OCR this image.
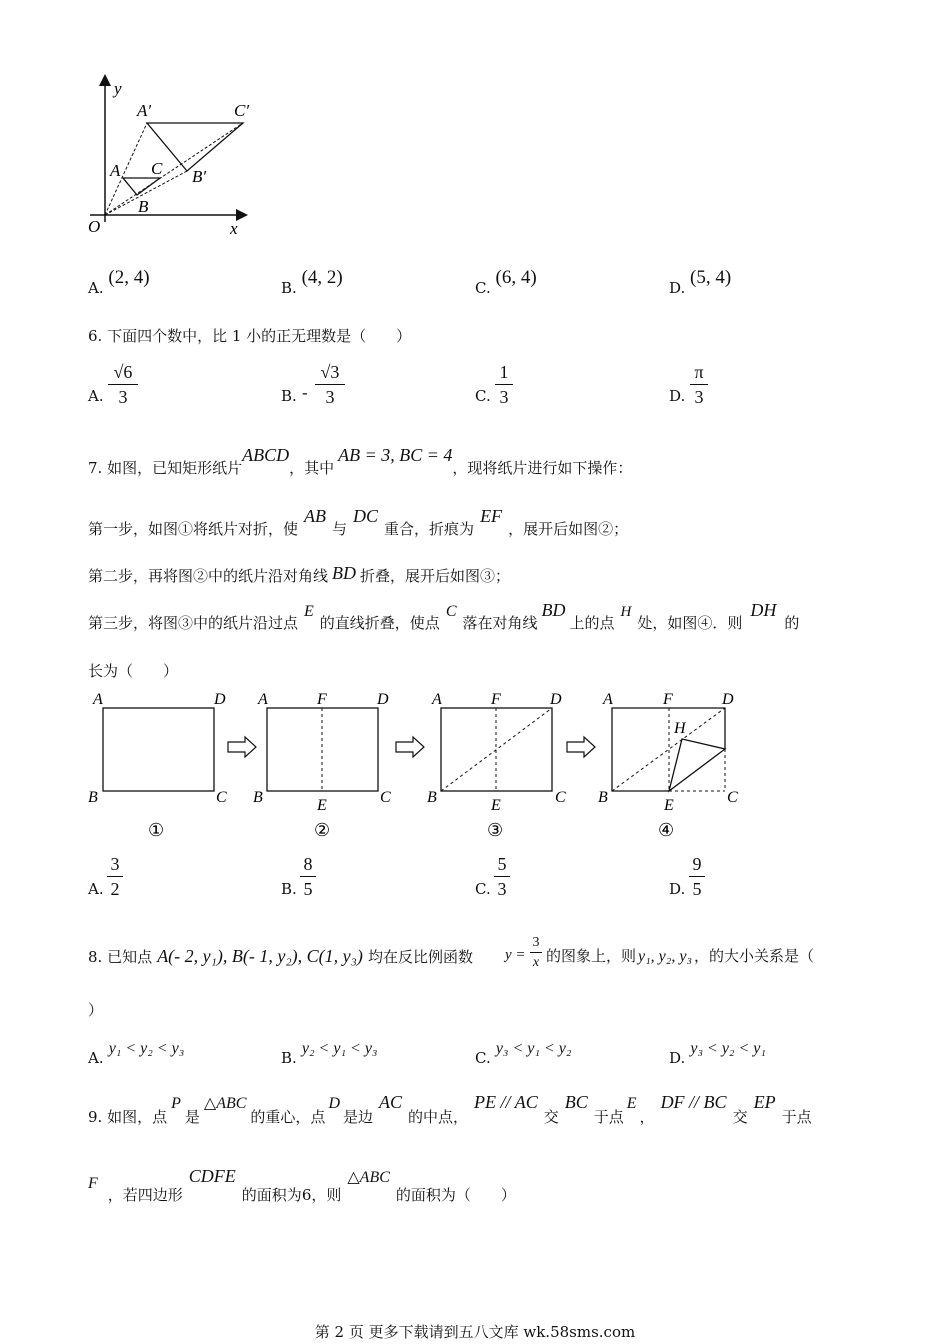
y
x
O
A′	C′
A C B′
B
A. (2, 4)	B. (4, 2)	C. (6, 4)	D. (5, 4)
6. 下面四个数中，比 1 小的正无理数是（　　）
A.
√6
3	B. -
√3
3	C.
1
3	D.
π
3
7. 如图，已知矩形纸片ABCD，其中AB = 3, BC = 4，现将纸片进行如下操作：
第一步，如图①将纸片对折，使AB与DC重合，折痕为EF，展开后如图②；
第二步，再将图②中的纸片沿对角线 BD 折叠，展开后如图③；
第三步，将图③中的纸片沿过点E的直线折叠，使点C落在对角线BD上的点H处，如图④．则DH的
长为（　　）
A	D
B	C
A	F	D
B	E	C
A	F	D
B	E	C
A	F	D
H
B	E	C
①	②	③	④
A.
3
2	B.
8
5	C.
5
3	D.
9
5
8. 已知点 A(- 2, y₁), B(- 1, y₂), C(1, y₃) 均在反比例函数 y =
3
x 的图象上，则 y₁, y₂, y₃ ，的大小关系是（
）
A. y₁ < y₂ < y₃
B. y₂ < y₁ < y₃
C. y₃ < y₁ < y₂
D. y₃ < y₂ < y₁
9. 如图，点P是△ABC的重心，点D是边AC的中点，PE // AC交BC于点E，DF // BC交EP于点
F，若四边形CDFE的面积为6，则△ABC的面积为（　　）
第 2 页 更多下载请到五八文库 wk.58sms.com
